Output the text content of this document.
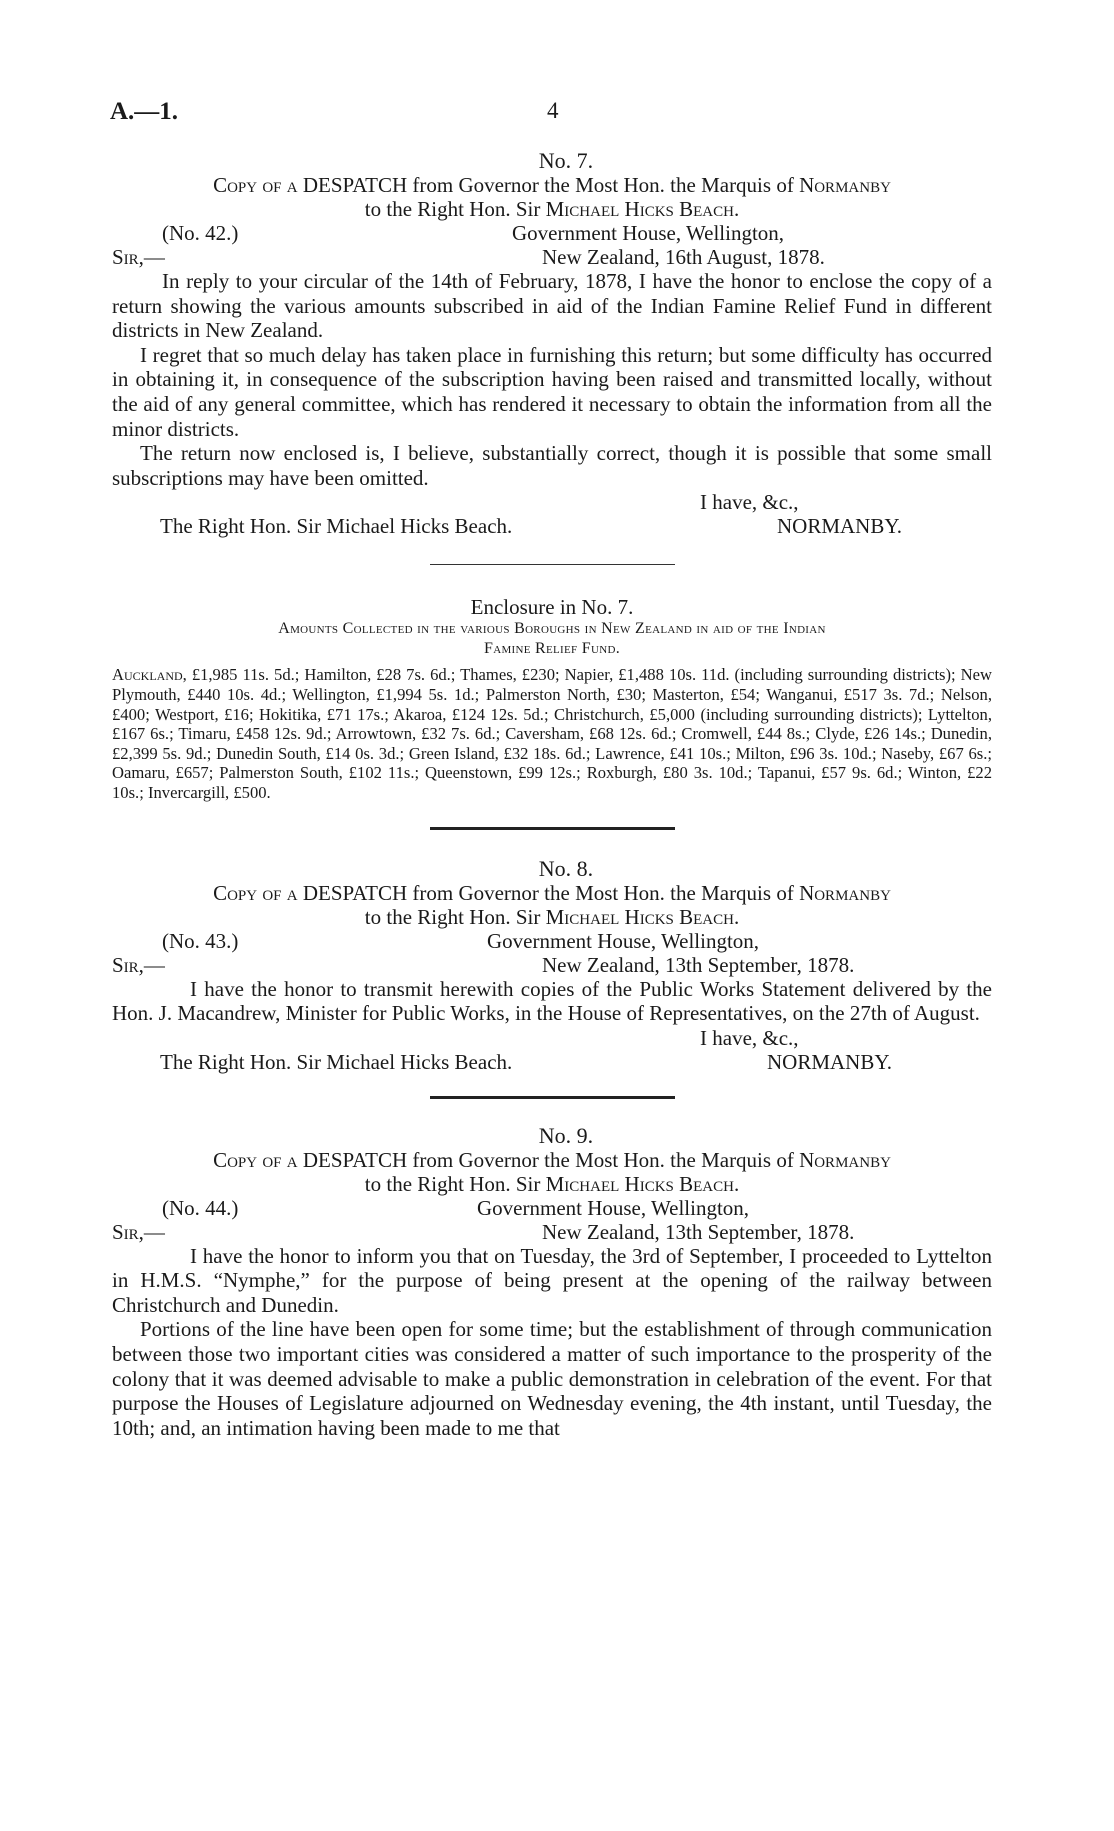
A.—1.	4
No. 7.
Copy of a DESPATCH from Governor the Most Hon. the Marquis of Normanby
to the Right Hon. Sir Michael Hicks Beach.
(No. 42.)	Government House, Wellington,
Sir,—	New Zealand, 16th August, 1878.

In reply to your circular of the 14th of February, 1878, I have the honor to enclose the copy of a return showing the various amounts subscribed in aid of the Indian Famine Relief Fund in different districts in New Zealand.

I regret that so much delay has taken place in furnishing this return; but some difficulty has occurred in obtaining it, in consequence of the subscription having been raised and transmitted locally, without the aid of any general committee, which has rendered it necessary to obtain the information from all the minor districts.

The return now enclosed is, I believe, substantially correct, though it is possible that some small subscriptions may have been omitted.

I have, &c.,
The Right Hon. Sir Michael Hicks Beach.	NORMANBY.
Enclosure in No. 7.
Amounts Collected in the various Boroughs in New Zealand in aid of the Indian
Famine Relief Fund.

Auckland, £1,985 11s. 5d.; Hamilton, £28 7s. 6d.; Thames, £230; Napier, £1,488 10s. 11d. (including surrounding districts); New Plymouth, £440 10s. 4d.; Wellington, £1,994 5s. 1d.; Palmerston North, £30; Masterton, £54; Wanganui, £517 3s. 7d.; Nelson, £400; Westport, £16; Hokitika, £71 17s.; Akaroa, £124 12s. 5d.; Christchurch, £5,000 (including surrounding districts); Lyttelton, £167 6s.; Timaru, £458 12s. 9d.; Arrowtown, £32 7s. 6d.; Caversham, £68 12s. 6d.; Cromwell, £44 8s.; Clyde, £26 14s.; Dunedin, £2,399 5s. 9d.; Dunedin South, £14 0s. 3d.; Green Island, £32 18s. 6d.; Lawrence, £41 10s.; Milton, £96 3s. 10d.; Naseby, £67 6s.; Oamaru, £657; Palmerston South, £102 11s.; Queenstown, £99 12s.; Roxburgh, £80 3s. 10d.; Tapanui, £57 9s. 6d.; Winton, £22 10s.; Invercargill, £500.

No. 8.
Copy of a DESPATCH from Governor the Most Hon. the Marquis of Normanby
to the Right Hon. Sir Michael Hicks Beach.
(No. 43.)	Government House, Wellington,
Sir,—	New Zealand, 13th September, 1878.

I have the honor to transmit herewith copies of the Public Works Statement delivered by the Hon. J. Macandrew, Minister for Public Works, in the House of Representatives, on the 27th of August.

I have, &c.,
The Right Hon. Sir Michael Hicks Beach.	NORMANBY.
No. 9.
Copy of a DESPATCH from Governor the Most Hon. the Marquis of Normanby
to the Right Hon. Sir Michael Hicks Beach.
(No. 44.)	Government House, Wellington,
Sir,—	New Zealand, 13th September, 1878.

I have the honor to inform you that on Tuesday, the 3rd of September, I proceeded to Lyttelton in H.M.S. “Nymphe,” for the purpose of being present at the opening of the railway between Christchurch and Dunedin.

Portions of the line have been open for some time; but the establishment of through communication between those two important cities was considered a matter of such importance to the prosperity of the colony that it was deemed advisable to make a public demonstration in celebration of the event. For that purpose the Houses of Legislature adjourned on Wednesday evening, the 4th instant, until Tuesday, the 10th; and, an intimation having been made to me that
